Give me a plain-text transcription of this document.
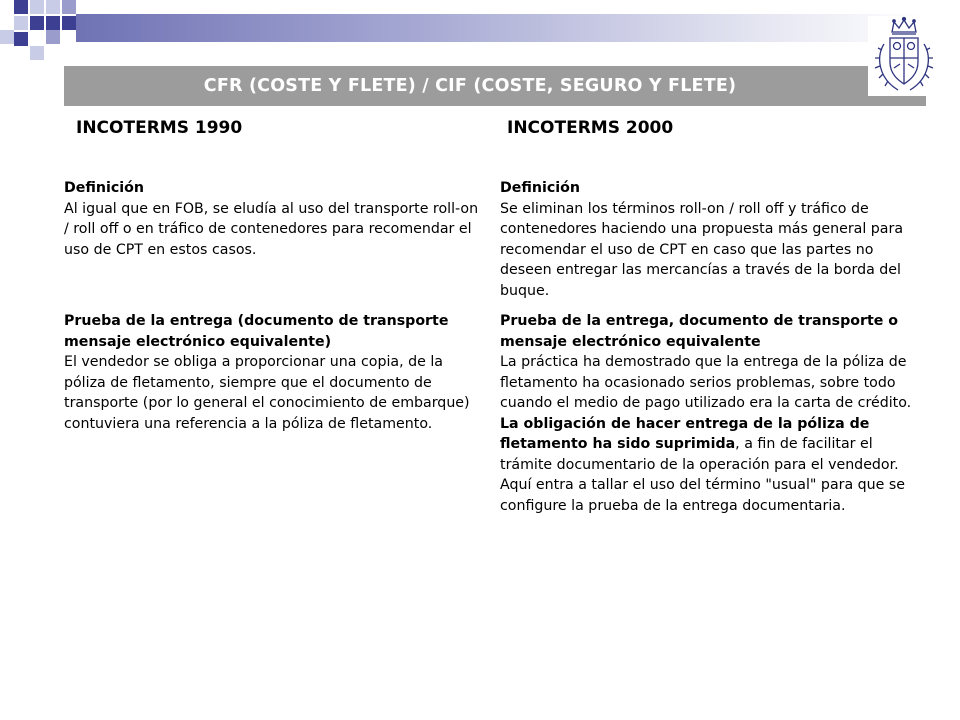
CFR (COSTE Y FLETE) / CIF (COSTE, SEGURO Y FLETE)
INCOTERMS 1990	INCOTERMS 2000

Definición

Al igual que en FOB, se eludía al uso del transporte roll-on / roll off o en tráfico de contenedores para recomendar el uso de CPT en estos casos.

Definición

Se eliminan los términos roll-on / roll off y tráfico de contenedores haciendo una propuesta más general para recomendar el uso de CPT en caso que las partes no deseen entregar las mercancías a través de la borda del buque.

Prueba de la entrega (documento de transporte mensaje electrónico equivalente)

El vendedor se obliga a proporcionar una copia, de la póliza de fletamento, siempre que el documento de transporte (por lo general el conocimiento de embarque) contuviera una referencia a la póliza de fletamento.

Prueba de la entrega, documento de transporte o mensaje electrónico equivalente

La práctica ha demostrado que la entrega de la póliza de fletamento ha ocasionado serios problemas, sobre todo cuando el medio de pago utilizado era la carta de crédito. La obligación de hacer entrega de la póliza de fletamento ha sido suprimida, a fin de facilitar el trámite documentario de la operación para el vendedor. Aquí entra a tallar el uso del término "usual" para que se configure la prueba de la entrega documentaria.
